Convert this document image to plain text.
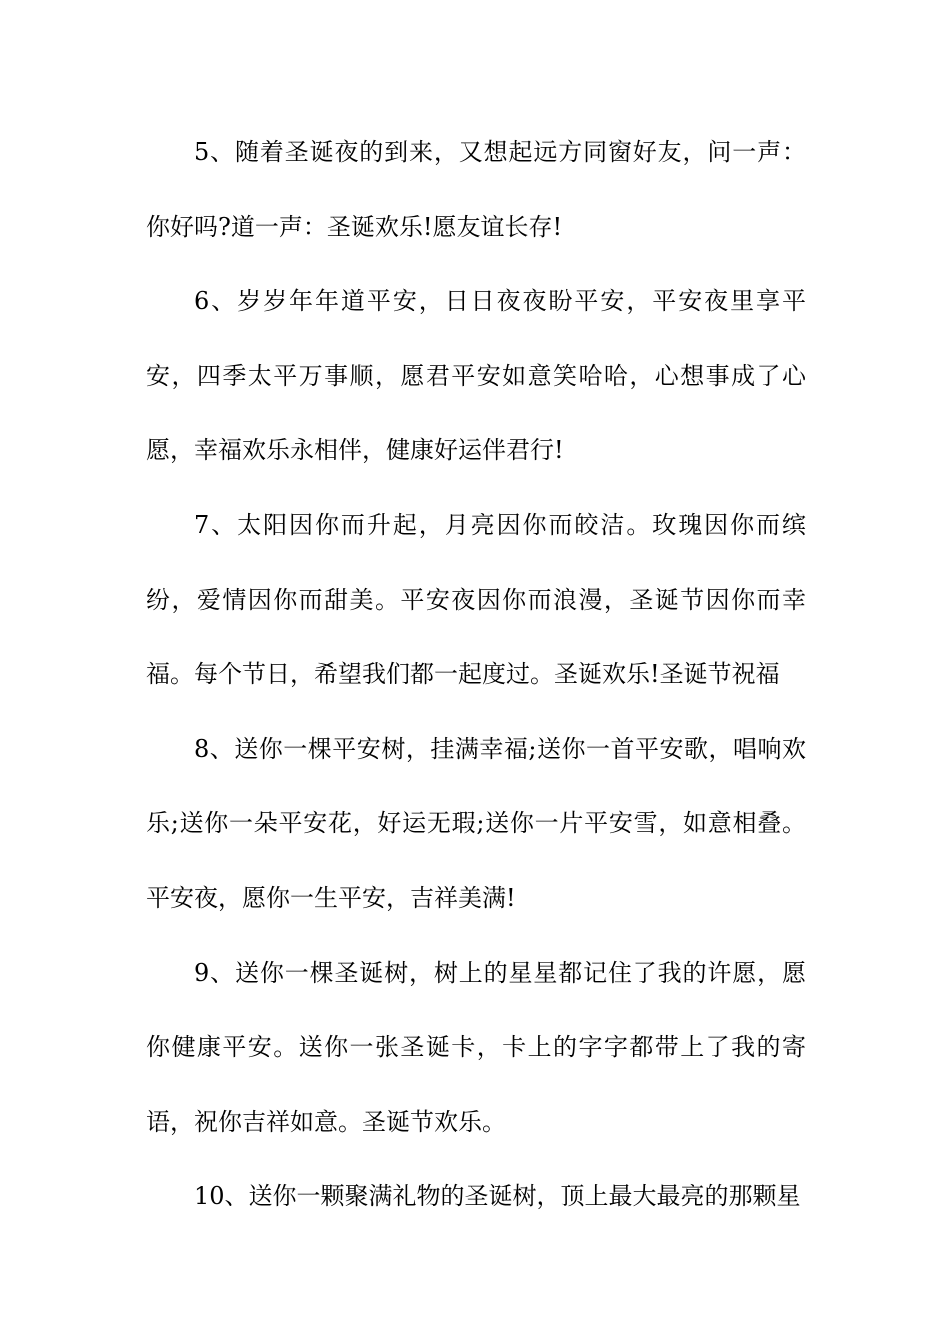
5、随着圣诞夜的到来，又想起远方同窗好友，问一声：你好吗?道一声：圣诞欢乐!愿友谊长存!

6、岁岁年年道平安，日日夜夜盼平安，平安夜里享平安，四季太平万事顺，愿君平安如意笑哈哈，心想事成了心愿，幸福欢乐永相伴，健康好运伴君行!

7、太阳因你而升起，月亮因你而皎洁。玫瑰因你而缤纷，爱情因你而甜美。平安夜因你而浪漫，圣诞节因你而幸福。每个节日，希望我们都一起度过。圣诞欢乐!圣诞节祝福

8、送你一棵平安树，挂满幸福;送你一首平安歌，唱响欢乐;送你一朵平安花，好运无瑕;送你一片平安雪，如意相叠。平安夜，愿你一生平安，吉祥美满!

9、送你一棵圣诞树，树上的星星都记住了我的许愿，愿你健康平安。送你一张圣诞卡，卡上的字字都带上了我的寄语，祝你吉祥如意。圣诞节欢乐。

10、送你一颗聚满礼物的圣诞树，顶上最大最亮的那颗星
